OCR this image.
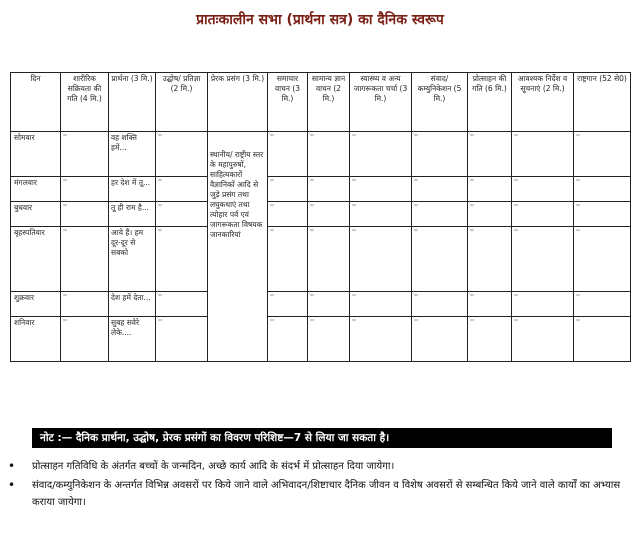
प्रातःकालीन सभा (प्रार्थना सत्र) का दैनिक स्वरूप
दिन	शारीरिक सक्रियता की गति (4 मि.)	प्रार्थना (3 मि.)	उद्घोष/ प्रतिज्ञा (2 मि.)	प्रेरक प्रसंग (3 मि.)	समाचार वाचन (3 मि.)	सामान्य ज्ञान वाचन (2 मि.)	स्वास्थ्य व अन्य जागरूकता चर्चा (3 मि.)	संवाद/ कम्युनिकेशन (5 मि.)	प्रोत्साहन की गति (6 मि.)	आवश्यक निर्देश व सूचनाएं (2 मि.)	राष्ट्रगान (52 से0)
सोमवार	''	वह शक्ति हमें...	''	स्थानीय/ राष्ट्रीय स्तर के महापुरुषों, साहित्यकारों वैज्ञानिकों आदि से जुड़े प्रसंग तथा लघुकथाएं तथा त्योहार पर्व एवं जागरूकता विषयक जानकारियां	''	''	''	''	''	''	''
मंगलवार	''	हर देश में तू...	''		''	''	''	''	''	''	''
बुधवार	''	तू ही राम है...	''		''	''	''	''	''	''	''
बृहस्पतिवार	''	आये हैं। हम दूर-दूर से सबको	''		''	''	''	''	''	''	''
शुक्रवार	''	देश हमें देता...	''		''	''	''	''	''	''	''
शनिवार	''	सुबह सवेरे लेके....	''		''	''	''	''	''	''	''
नोट :— दैनिक प्रार्थना, उद्घोष, प्रेरक प्रसंगों का विवरण परिशिष्ट—7 से लिया जा सकता है।
• प्रोत्साहन गतिविधि के अंतर्गत बच्चों के जन्मदिन, अच्छे कार्य आदि के संदर्भ में प्रोत्साहन दिया जायेगा।
• संवाद/कम्युनिकेशन के अन्तर्गत विभिन्न अवसरों पर किये जाने वाले अभिवादन/शिष्टाचार दैनिक जीवन व विशेष अवसरों से सम्बन्धित किये जाने वाले कार्यों का अभ्यास कराया जायेगा।
